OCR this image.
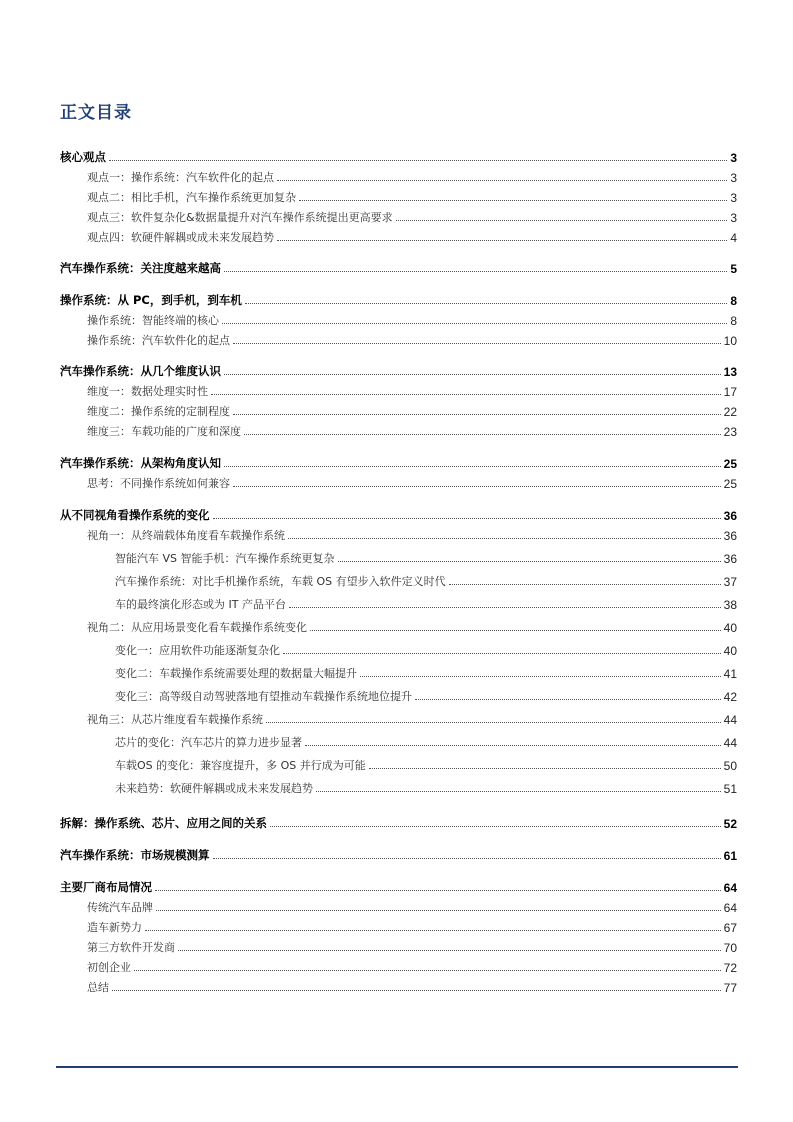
正文目录
核心观点	3
观点一：操作系统：汽车软件化的起点	3
观点二：相比手机，汽车操作系统更加复杂	3
观点三：软件复杂化&数据量提升对汽车操作系统提出更高要求	3
观点四：软硬件解耦或成未来发展趋势	4
汽车操作系统：关注度越来越高	5
操作系统：从 PC，到手机，到车机	8
操作系统：智能终端的核心	8
操作系统：汽车软件化的起点	10
汽车操作系统：从几个维度认识	13
维度一：数据处理实时性	17
维度二：操作系统的定制程度	22
维度三：车载功能的广度和深度	23
汽车操作系统：从架构角度认知	25
思考：不同操作系统如何兼容	25
从不同视角看操作系统的变化	36
视角一：从终端载体角度看车载操作系统	36
智能汽车 VS 智能手机：汽车操作系统更复杂	36
汽车操作系统：对比手机操作系统，车载 OS 有望步入软件定义时代	37
车的最终演化形态或为 IT 产品平台	38
视角二：从应用场景变化看车载操作系统变化	40
变化一：应用软件功能逐渐复杂化	40
变化二：车载操作系统需要处理的数据量大幅提升	41
变化三：高等级自动驾驶落地有望推动车载操作系统地位提升	42
视角三：从芯片维度看车载操作系统	44
芯片的变化：汽车芯片的算力进步显著	44
车载OS 的变化：兼容度提升，多 OS 并行成为可能	50
未来趋势：软硬件解耦或成未来发展趋势	51
拆解：操作系统、芯片、应用之间的关系	52
汽车操作系统：市场规模测算	61
主要厂商布局情况	64
传统汽车品牌	64
造车新势力	67
第三方软件开发商	70
初创企业	72
总结	77
